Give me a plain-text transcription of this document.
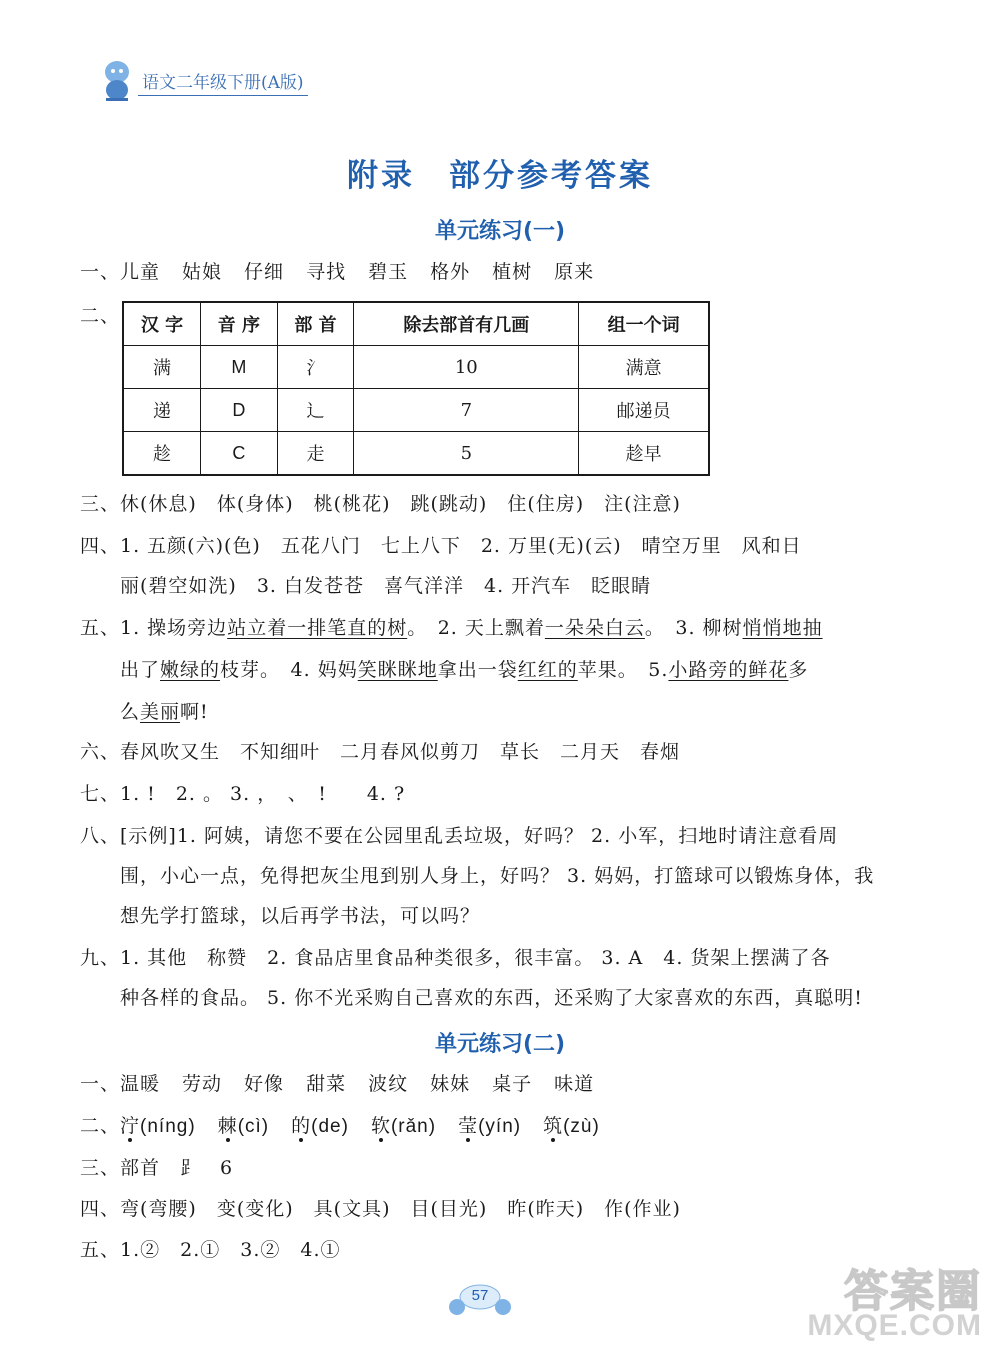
语文二年级下册(A版)
附录　部分参考答案
单元练习(一)
一、儿童 姑娘 仔细 寻找 碧玉 格外 植树 原来
二、	汉 字	音 序	部 首	除去部首有几画	组一个词
满	M	氵	10	满意
递	D	辶	7	邮递员
趁	C	走	5	趁早
三、休(休息)　体(身体)　桃(桃花)　跳(跳动)　住(住房)　注(注意)
四、1. 五颜(六)(色)　五花八门　七上八下　2. 万里(无)(云)　晴空万里　风和日
丽(碧空如洗)　3. 白发苍苍　喜气洋洋　4. 开汽车　眨眼睛
五、1. 操场旁边站立着一排笔直的树。　2. 天上飘着一朵朵白云。　3. 柳树悄悄地抽
出了嫩绿的枝芽。　4. 妈妈笑眯眯地拿出一袋红红的苹果。　5.小路旁的鲜花多
么美丽啊!
六、春风吹又生　不知细叶　二月春风似剪刀　草长　二月天　春烟
七、1. !　2. 。 3. ，　、　!　　4. ?
八、[示例]1. 阿姨，请您不要在公园里乱丢垃圾，好吗？ 2. 小军，扫地时请注意看周
围，小心一点，免得把灰尘甩到别人身上，好吗？ 3. 妈妈，打篮球可以锻炼身体，我
想先学打篮球，以后再学书法，可以吗？
九、1. 其他　称赞　2. 食品店里食品种类很多，很丰富。 3. A　4. 货架上摆满了各
种各样的食品。 5. 你不光采购自己喜欢的东西，还采购了大家喜欢的东西，真聪明!
单元练习(二)
一、温暖 劳动 好像 甜菜 波纹 妹妹 桌子 味道
二、泞(nínɡ) 棘(cì) 的(de) 软(rǎn) 莹(yín) 筑(zù)
三、部首　⻊　6
四、弯(弯腰)　变(变化)　具(文具)　目(目光)　昨(昨天)　作(作业)
五、1.②　2.①　3.②　4.①
57	答案圈
MXQE.COM
